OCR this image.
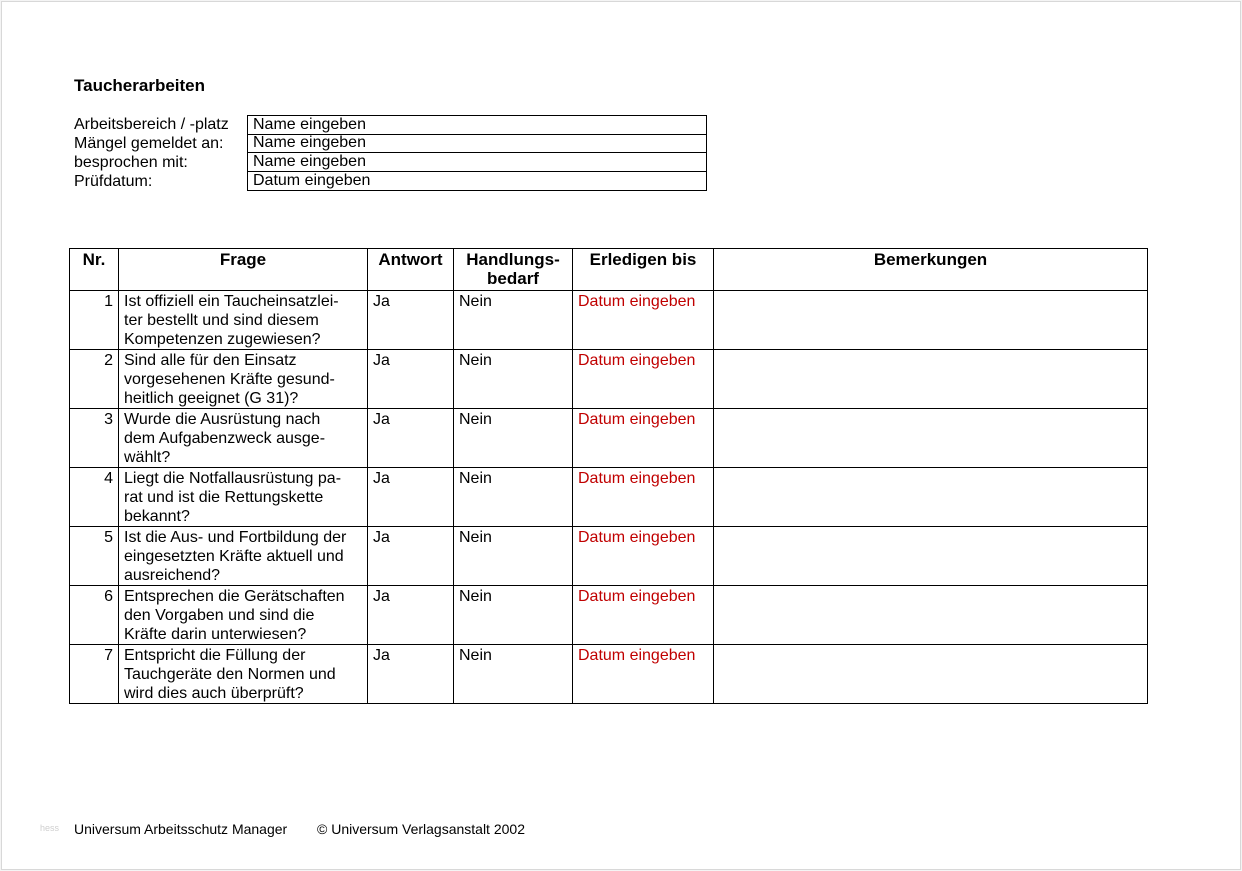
Taucherarbeiten
Arbeitsbereich / -platz	Name eingeben
Mängel gemeldet an:	Name eingeben
besprochen mit:	Name eingeben
Prüfdatum:	Datum eingeben
Nr.	Frage	Antwort	Handlungs-
bedarf	Erledigen bis	Bemerkungen
1	Ist offiziell ein Taucheinsatzlei-
ter bestellt und sind diesem
Kompetenzen zugewiesen?	Ja	Nein	Datum eingeben	
2	Sind alle für den Einsatz
vorgesehenen Kräfte gesund-
heitlich geeignet (G 31)?	Ja	Nein	Datum eingeben	
3	Wurde die Ausrüstung nach
dem Aufgabenzweck ausge-
wählt?	Ja	Nein	Datum eingeben	
4	Liegt die Notfallausrüstung pa-
rat und ist die Rettungskette
bekannt?	Ja	Nein	Datum eingeben	
5	Ist die Aus- und Fortbildung der
eingesetzten Kräfte aktuell und
ausreichend?	Ja	Nein	Datum eingeben	
6	Entsprechen die Gerätschaften
den Vorgaben und sind die
Kräfte darin unterwiesen?	Ja	Nein	Datum eingeben	
7	Entspricht die Füllung der
Tauchgeräte den Normen und
wird dies auch überprüft?	Ja	Nein	Datum eingeben	
hess Universum Arbeitsschutz Manager © Universum Verlagsanstalt 2002
